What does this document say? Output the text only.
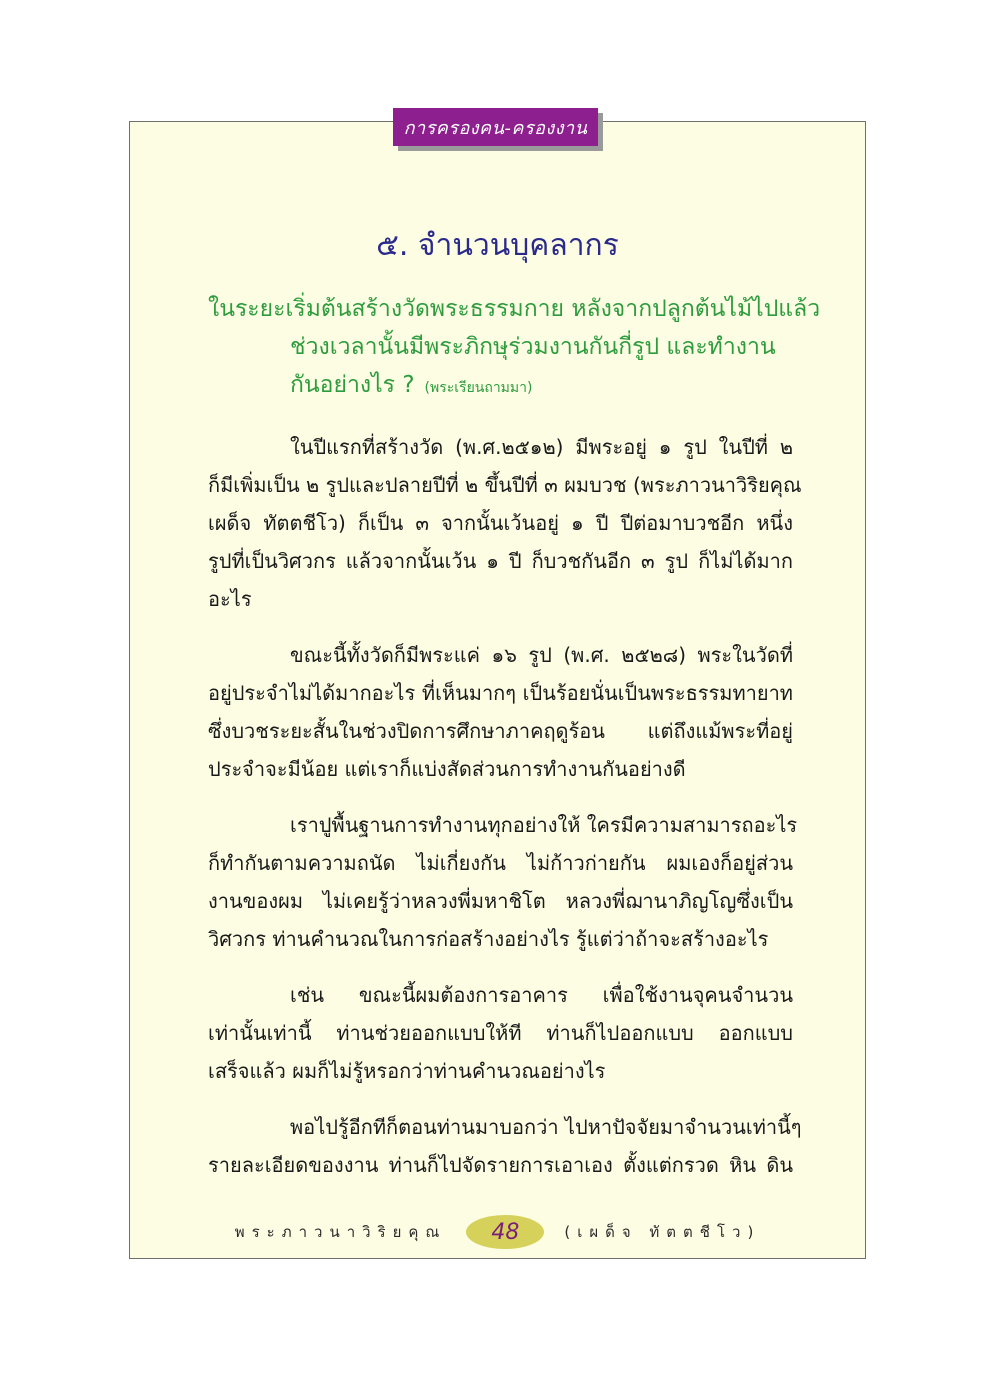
การครองคน-ครองงาน
๕. จำนวนบุคลากร
ในระยะเริ่มต้นสร้างวัดพระธรรมกาย หลังจากปลูกต้นไม้ไปแล้ว
ช่วงเวลานั้นมีพระภิกษุร่วมงานกันกี่รูป และทำงาน
กันอย่างไร ? (พระเรียนถามมา)
ในปีแรกที่สร้างวัด (พ.ศ.๒๕๑๒) มีพระอยู่ ๑ รูป ในปีที่ ๒
ก็มีเพิ่มเป็น ๒ รูปและปลายปีที่ ๒ ขึ้นปีที่ ๓ ผมบวช (พระภาวนาวิริยคุณ
เผด็จ ทัตตชีโว) ก็เป็น ๓ จากนั้นเว้นอยู่ ๑ ปี ปีต่อมาบวชอีก หนึ่ง
รูปที่เป็นวิศวกร แล้วจากนั้นเว้น ๑ ปี ก็บวชกันอีก ๓ รูป ก็ไม่ได้มาก
อะไร
ขณะนี้ทั้งวัดก็มีพระแค่ ๑๖ รูป (พ.ศ. ๒๕๒๘) พระในวัดที่
อยู่ประจำไม่ได้มากอะไร ที่เห็นมากๆ เป็นร้อยนั่นเป็นพระธรรมทายาท
ซึ่งบวชระยะสั้นในช่วงปิดการศึกษาภาคฤดูร้อน แต่ถึงแม้พระที่อยู่
ประจำจะมีน้อย แต่เราก็แบ่งสัดส่วนการทำงานกันอย่างดี
เราปูพื้นฐานการทำงานทุกอย่างให้ ใครมีความสามารถอะไร
ก็ทำกันตามความถนัด ไม่เกี่ยงกัน ไม่ก้าวก่ายกัน ผมเองก็อยู่ส่วน
งานของผม ไม่เคยรู้ว่าหลวงพี่มหาชิโต หลวงพี่ฌานาภิญโญซึ่งเป็น
วิศวกร ท่านคำนวณในการก่อสร้างอย่างไร รู้แต่ว่าถ้าจะสร้างอะไร
เช่น ขณะนี้ผมต้องการอาคาร เพื่อใช้งานจุคนจำนวน
เท่านั้นเท่านี้ ท่านช่วยออกแบบให้ที ท่านก็ไปออกแบบ ออกแบบ
เสร็จแล้ว ผมก็ไม่รู้หรอกว่าท่านคำนวณอย่างไร
พอไปรู้อีกทีก็ตอนท่านมาบอกว่า ไปหาปัจจัยมาจำนวนเท่านี้ๆ
รายละเอียดของงาน ท่านก็ไปจัดรายการเอาเอง ตั้งแต่กรวด หิน ดิน
พระภาวนาวิริยคุณ	48	(เผด็จ ทัตตชีโว)
